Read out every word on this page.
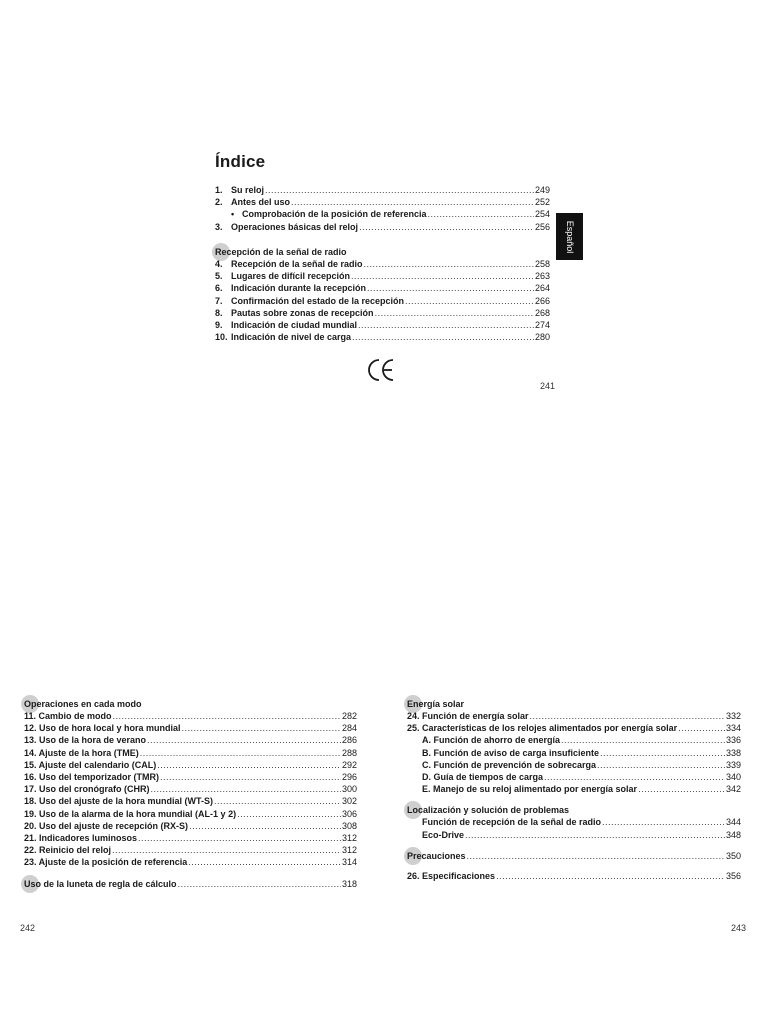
Índice
Español
1. Su reloj .....	249
2. Antes del uso .....	252
• Comprobación de la posición de referencia .....	254
3. Operaciones básicas del reloj .....	256
Recepción de la señal de radio
4. Recepción de la señal de radio .....	258
5. Lugares de difícil recepción .....	263
6. Indicación durante la recepción .....	264
7. Confirmación del estado de la recepción .....	266
8. Pautas sobre zonas de recepción .....	268
9. Indicación de ciudad mundial .....	274
10. Indicación de nivel de carga .....	280
241
Operaciones en cada modo
11. Cambio de modo .....	282
12. Uso de hora local y hora mundial .....	284
13. Uso de la hora de verano .....	286
14. Ajuste de la hora (TME) .....	288
15. Ajuste del calendario (CAL) .....	292
16. Uso del temporizador (TMR) .....	296
17. Uso del cronógrafo (CHR) .....	300
18. Uso del ajuste de la hora mundial (WT-S) .....	302
19. Uso de la alarma de la hora mundial (AL-1 y 2) .....	306
20. Uso del ajuste de recepción (RX-S) .....	308
21. Indicadores luminosos .....	312
22. Reinicio del reloj .....	312
23. Ajuste de la posición de referencia .....	314
Uso de la luneta de regla de cálculo .....	318
242
Energía solar
24. Función de energía solar .....	332
25. Características de los relojes alimentados por energía solar .....	334
A. Función de ahorro de energía .....	336
B. Función de aviso de carga insuficiente .....	338
C. Función de prevención de sobrecarga .....	339
D. Guía de tiempos de carga .....	340
E. Manejo de su reloj alimentado por energía solar .....	342
Localización y solución de problemas
Función de recepción de la señal de radio .....	344
Eco-Drive .....	348
Precauciones .....	350
26. Especificaciones .....	356
243
